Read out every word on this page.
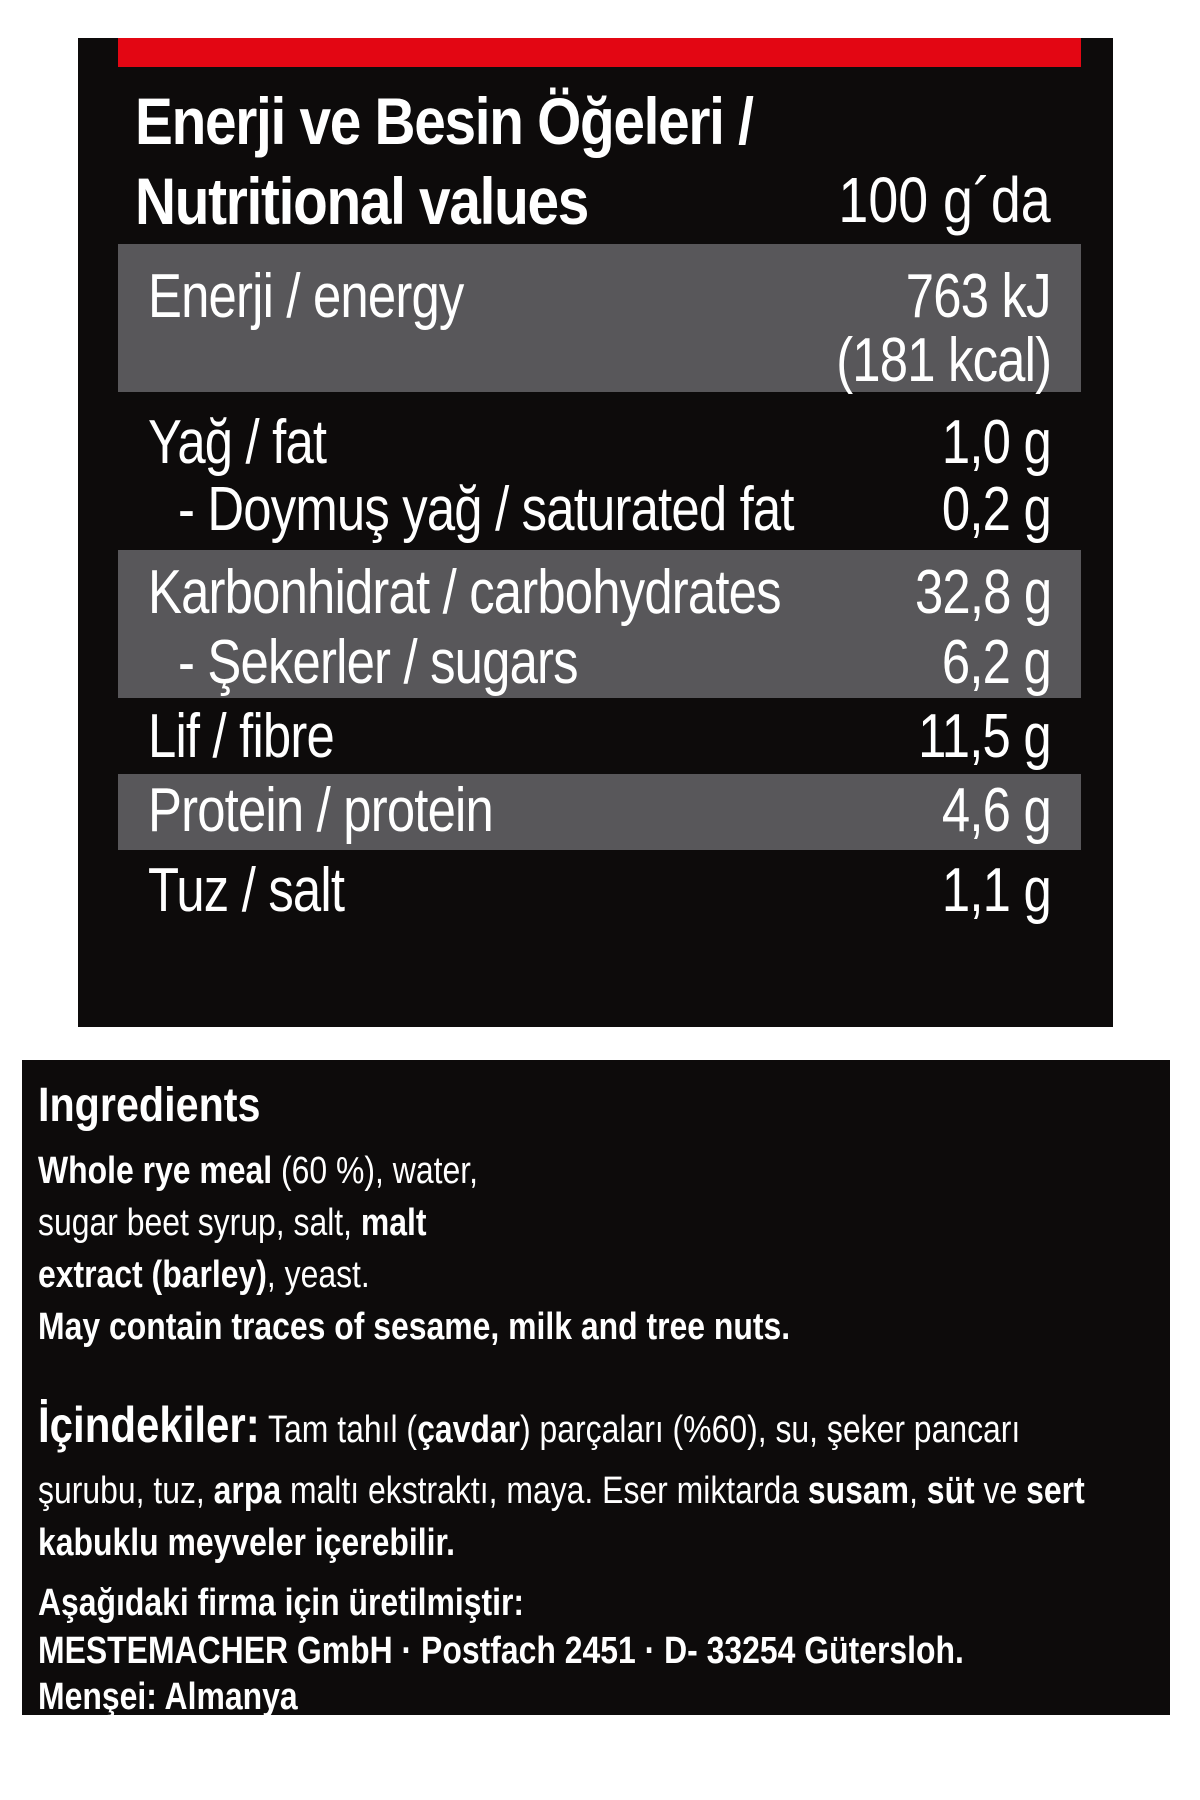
Enerji ve Besin Öğeleri /
Nutritional values	100 g´da
Enerji / energy	763 kJ
(181 kcal)
Yağ / fat	1,0 g
- Doymuş yağ / saturated fat 0,2 g
Karbonhidrat / carbohydrates 32,8 g
- Şekerler / sugars	6,2 g
Lif / fibre	11,5 g
Protein / protein	4,6 g
Tuz / salt	1,1 g
Ingredients
Whole rye meal (60 %), water,
sugar beet syrup, salt, malt
extract (barley), yeast.
May contain traces of sesame, milk and tree nuts.
İçindekiler: Tam tahıl (çavdar) parçaları (%60), su, şeker pancarı
şurubu, tuz, arpa maltı ekstraktı, maya. Eser miktarda susam, süt ve sert
kabuklu meyveler içerebilir.
Aşağıdaki firma için üretilmiştir:
MESTEMACHER GmbH · Postfach 2451 · D- 33254 Gütersloh.
Menşei: Almanya
